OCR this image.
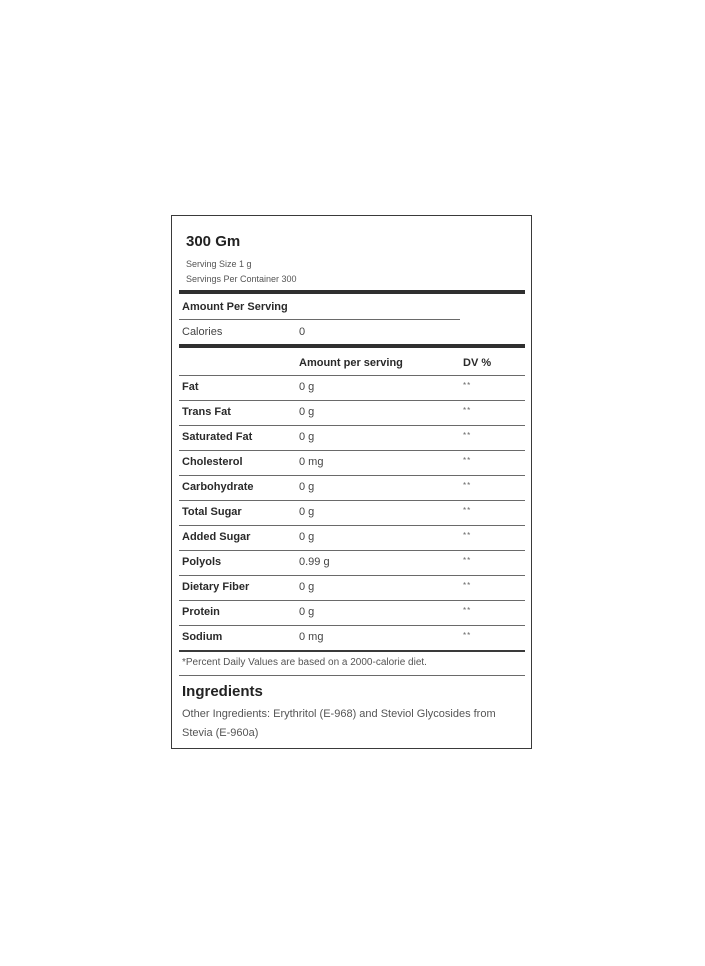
300 Gm
Serving Size 1 g
Servings Per Container 300
Amount Per Serving
Calories	0
Amount per serving	DV %
Fat	0 g	**
Trans Fat	0 g	**
Saturated Fat	0 g	**
Cholesterol	0 mg	**
Carbohydrate	0 g	**
Total Sugar	0 g	**
Added Sugar	0 g	**
Polyols	0.99 g	**
Dietary Fiber	0 g	**
Protein	0 g	**
Sodium	0 mg	**
*Percent Daily Values are based on a 2000-calorie diet.
Ingredients
Other Ingredients: Erythritol (E-968) and Steviol Glycosides from Stevia (E-960a)
